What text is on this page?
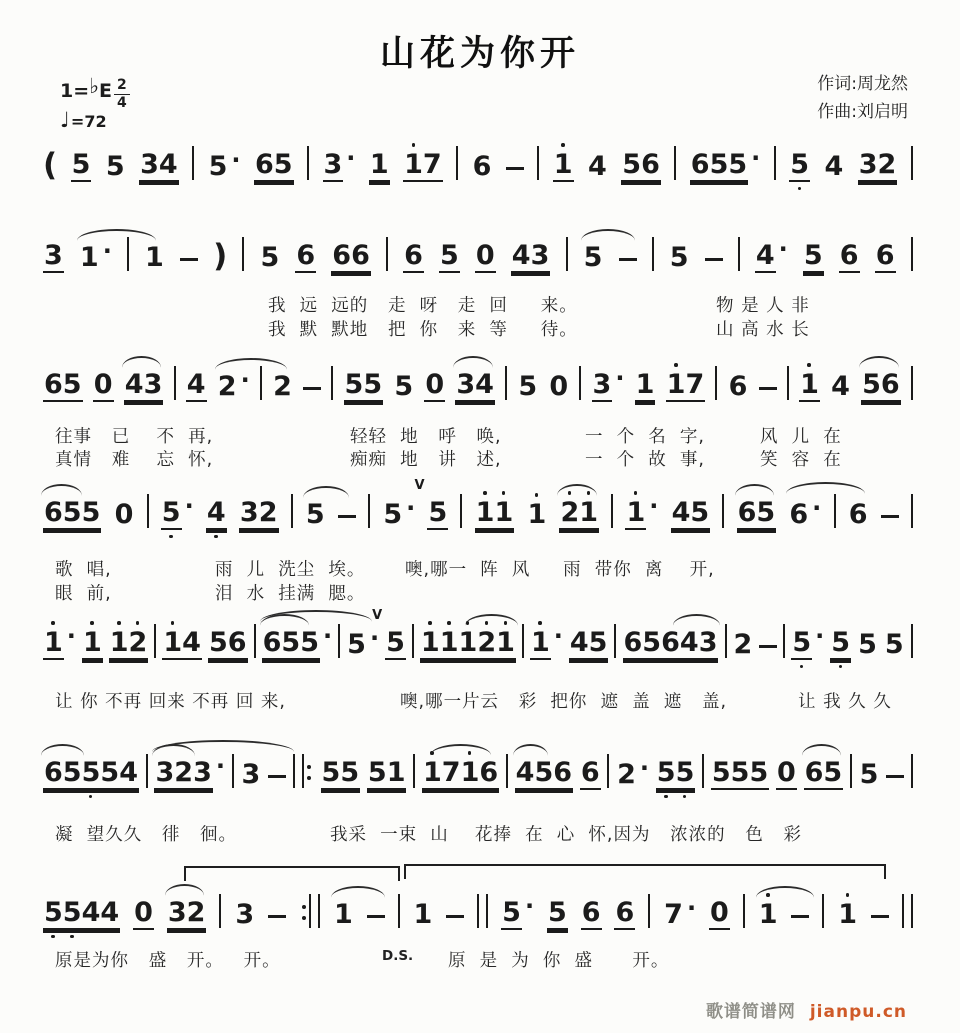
山花为你开
1=♭E $\frac{2}{4}$
♩=72
作词:周龙然
作曲:刘启明
( 5 5 34 5 · 65 3 · 1 1
7 6 1 4 56 655 · 5 4 32
3 1 · 1 ) 5 6 66 6 5 0 43 5 5 4 · 5 6 6
我  远  远的   走  呀   走  回     来。	物 是 人 非
我  默  默地   把  你   来  等     待。	山 高 水 长
65 0 43 4 2 · 2 55 5 0 34 5 0 3 · 1 1
7 6 1 4 56
往事   已    不  再,	轻轻  地   呼   唤,	一  个  名  字,	风  儿  在
真情   难    忘  怀,	痴痴  地   讲   述,	一  个  故  事,	笑  容  在
655 0 5 · 4 32 5 5 · 5
V
1
1 1 2
1 1 · 45 65 6 · 6
歌  唱,	雨  儿  洗尘  埃。 噢,哪一  阵  风     雨  带你  离    开,
眼  前,	泪  水  挂满  腮。
1 · 1 1
2 1
4 56 655 · 5 · 5
V
1
1
1
2
1 1 · 45 65643 2 5 · 5 5 5
让 你 不再 回来 不再 回 来,	噢,哪一片云   彩  把你  遮  盖  遮   盖,	让 我 久 久
655
54 323 · 3 55 51 1
71
6 456 6 2 · 5
5 555 0 65 5
凝  望久久   徘   徊。	我采  一束  山    花捧  在  心  怀,因为   浓浓的   色   彩
5
5
44 0 32 3	1 1	5 · 5 6 6 7 · 0 1 1
原是为你   盛   开。   开。	原  是  为  你  盛      开。
D.S.
歌谱简谱网 jianpu.cn
